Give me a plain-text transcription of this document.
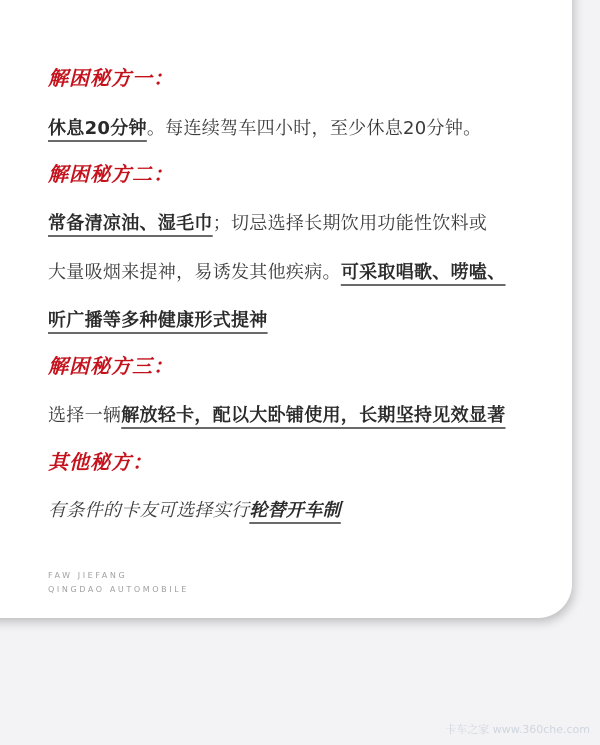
解困秘方一：
休息20分钟。每连续驾车四小时，至少休息20分钟。
解困秘方二：
常备清凉油、湿毛巾；切忌选择长期饮用功能性饮料或
大量吸烟来提神，易诱发其他疾病。可采取唱歌、唠嗑、
听广播等多种健康形式提神
解困秘方三：
选择一辆解放轻卡，配以大卧铺使用，长期坚持见效显著
其他秘方：
有条件的卡友可选择实行轮替开车制
FAW JIEFANG
QINGDAO AUTOMOBILE
卡车之家 www.360che.com
